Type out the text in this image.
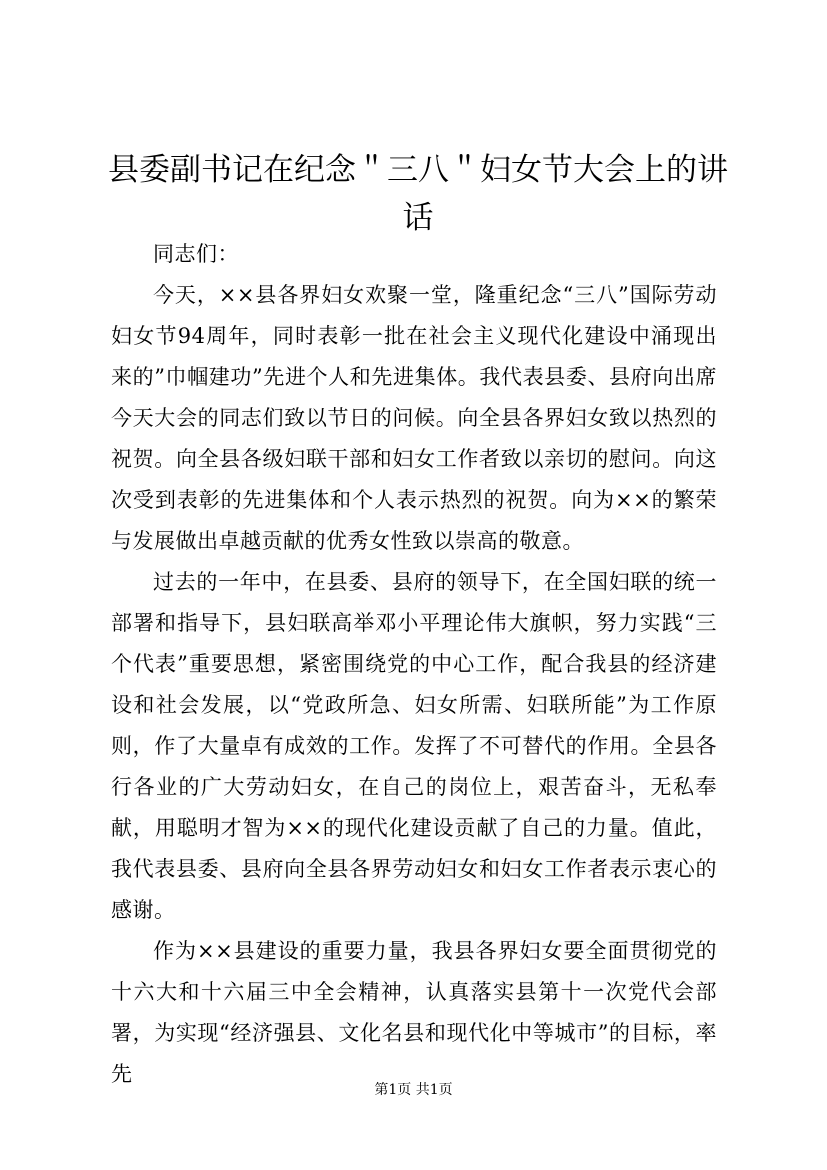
县委副书记在纪念＂三八＂妇女节大会上的讲话

同志们：

今天，××县各界妇女欢聚一堂，隆重纪念“三八”国际劳动妇女节94周年，同时表彰一批在社会主义现代化建设中涌现出来的”巾帼建功”先进个人和先进集体。我代表县委、县府向出席今天大会的同志们致以节日的问候。向全县各界妇女致以热烈的祝贺。向全县各级妇联干部和妇女工作者致以亲切的慰问。向这次受到表彰的先进集体和个人表示热烈的祝贺。向为××的繁荣与发展做出卓越贡献的优秀女性致以崇高的敬意。

过去的一年中，在县委、县府的领导下，在全国妇联的统一部署和指导下，县妇联高举邓小平理论伟大旗帜，努力实践“三个代表”重要思想，紧密围绕党的中心工作，配合我县的经济建设和社会发展，以“党政所急、妇女所需、妇联所能”为工作原则，作了大量卓有成效的工作。发挥了不可替代的作用。全县各行各业的广大劳动妇女，在自己的岗位上，艰苦奋斗，无私奉献，用聪明才智为××的现代化建设贡献了自己的力量。值此，我代表县委、县府向全县各界劳动妇女和妇女工作者表示衷心的感谢。

作为××县建设的重要力量，我县各界妇女要全面贯彻党的十六大和十六届三中全会精神，认真落实县第十一次党代会部署，为实现“经济强县、文化名县和现代化中等城市”的目标，率先

第1页 共1页
